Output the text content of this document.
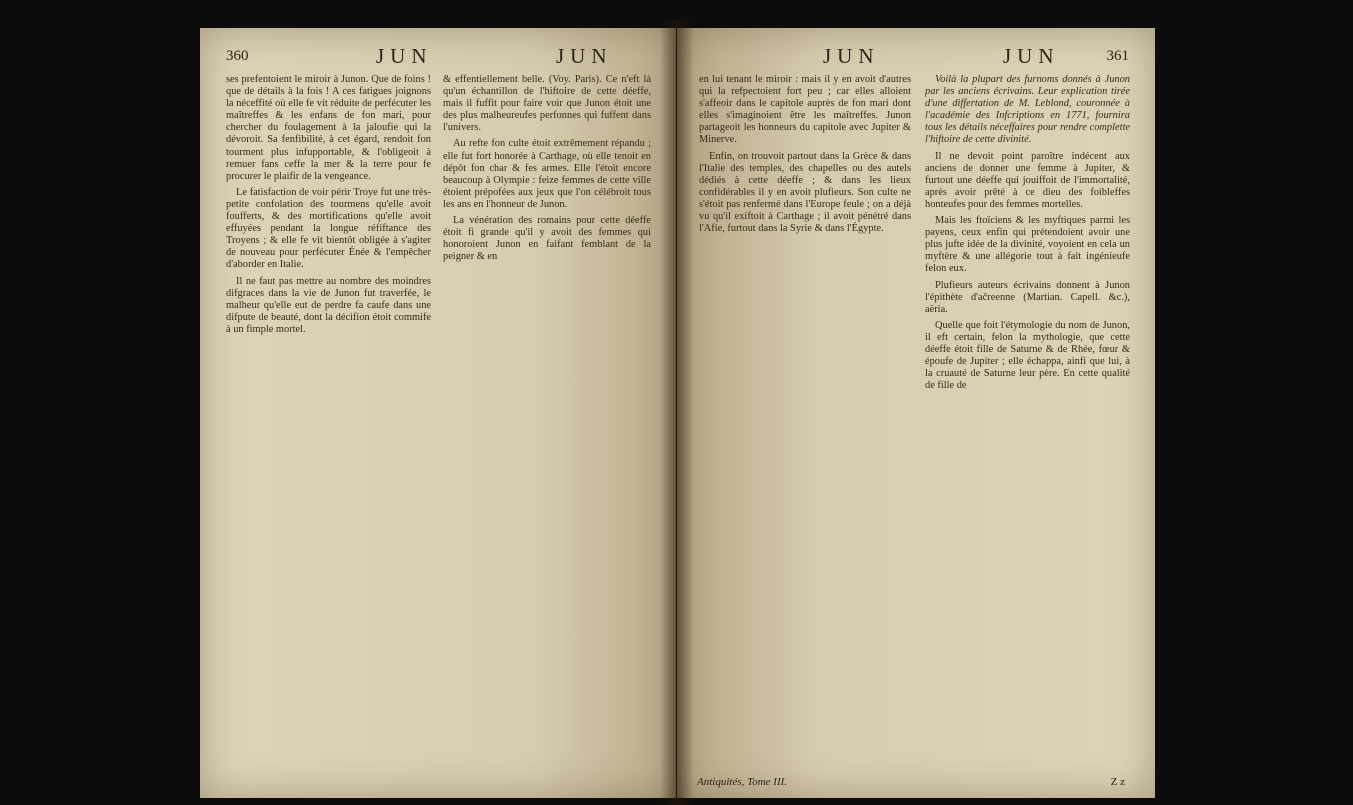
360	JUN	JUN

ses prefentoient le miroir à Junon. Que de foins ! que de détails à la fois ! A ces fatigues joignons la néceffité où elle fe vit réduite de perfécuter les maîtreffes & les enfans de fon mari, pour chercher du foulagement à la jaloufie qui la dévoroit. Sa fenfibilité, à cet égard, rendoit fon tourment plus infupportable, & l'obligeoit à remuer fans ceffe la mer & la terre pour fe procurer le plaifir de la vengeance.

Le fatisfaction de voir périr Troye fut une très-petite confolation des tourmens qu'elle avoit foufferts, & des mortifications qu'elle avoit effuyées pendant la longue réfiftance des Troyens ; & elle fe vit bientôt obligée à s'agiter de nouveau pour perfécuter Énée & l'empêcher d'aborder en Italie.

Il ne faut pas mettre au nombre des moindres difgraces dans la vie de Junon fut traverfée, le malheur qu'elle eut de perdre fa caufe dans une difpute de beauté, dont la décifion étoit commife à un fimple mortel.

& effentiellement belle. (Voy. Paris). Ce n'eft là qu'un échantillon de l'hiftoire de cette déeffe, mais il fuffit pour faire voir que Junon étoit une des plus malheureufes perfonnes qui fuffent dans l'univers.

Au refte fon culte étoit extrêmement répandu ; elle fut fort honorée à Carthage, où elle tenoit en dépôt fon char & fes armes. Elle l'étoit encore beaucoup à Olympie : feize femmes de cette ville étoient prépofées aux jeux que l'on célébroit tous les ans en l'honneur de Junon.

La vénération des romains pour cette déeffe étoit fi grande qu'il y avoit des femmes qui honoroient Junon en faifant femblant de la peigner & en

JUN	JUN	361

en lui tenant le miroir : mais il y en avoit d'autres qui la refpectoient fort peu ; car elles alloient s'affeoir dans le capitole auprès de fon mari dont elles s'imaginoient être les maîtreffes. Junon partageoit les honneurs du capitole avec Jupiter & Minerve.

Enfin, on trouvoit partout dans la Grèce & dans l'Italie des temples, des chapelles ou des autels dédiés à cette déeffe ; & dans les lieux confidérables il y en avoit plufieurs. Son culte ne s'étoit pas renfermé dans l'Europe feule ; on a déjà vu qu'il exiftoit à Carthage ; il avoit pénétré dans l'Afie, furtout dans la Syrie & dans l'Égypte.

Voilà la plupart des furnoms donnés à Junon par les anciens écrivains. Leur explication tirée d'une differtation de M. Leblond, couronnée à l'académie des Infcriptions en 1771, fournira tous les détails néceffaires pour rendre complette l'hiftoire de cette divinité.

Il ne devoit point paroître indécent aux anciens de donner une femme à Jupiter, & furtout une déeffe qui jouiffoit de l'immortalité, après avoir prêté à ce dieu des foibleffes honteufes pour des femmes mortelles.

Mais les ftoïciens & les myftiques parmi les payens, ceux enfin qui prétendoient avoir une plus jufte idée de la divinité, voyoient en cela un myftère & une allégorie tout à fait ingénieufe felon eux.

Plufieurs auteurs écrivains donnent à Junon l'épithète d'ačreenne (Martian. Capell. &c.), aëria.

Quelle que foit l'étymologie du nom de Junon, il eft certain, felon la mythologie, que cette déeffe étoit fille de Saturne & de Rhée, fœur & époufe de Jupiter ; elle échappa, ainfi que lui, à la cruauté de Saturne leur père. En cette qualité de fille de

Antiquités, Tome III.	Z z
